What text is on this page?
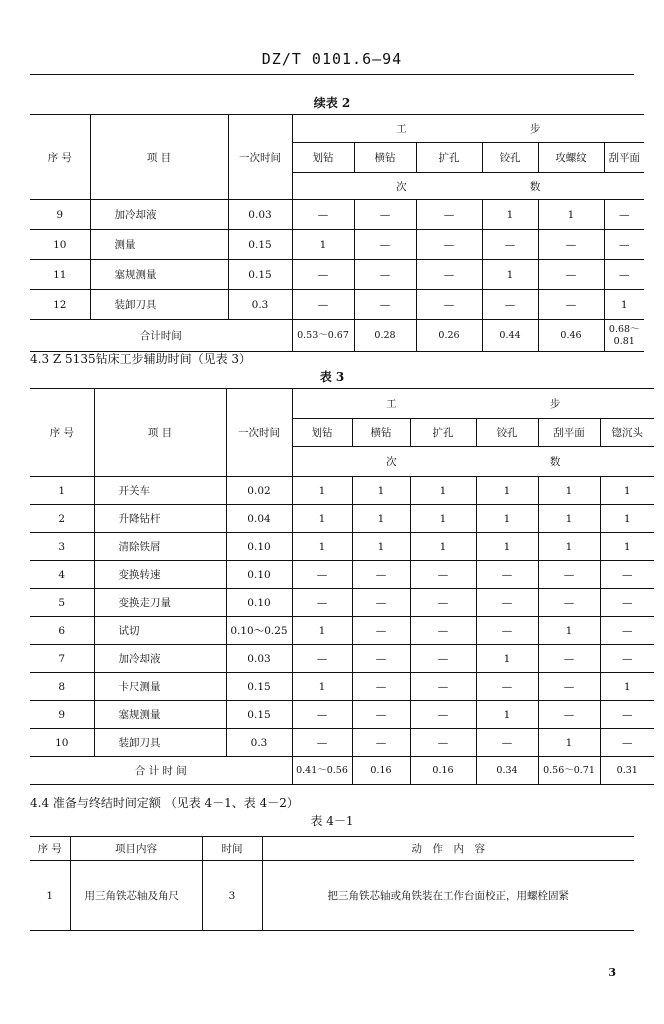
DZ/T 0101.6—94
续表 2
序 号	项 目	一次时间	工 步					
			划钻	横钻	扩孔	铰孔	攻螺纹	刮平面
			次 数					
9	加冷却液	0.03	—	—	—	1	1	—
10	测量	0.15	1	—	—	—	—	—
11	塞规测量	0.15	—	—	—	1	—	—
12	装卸刀具	0.3	—	—	—	—	—	1
合计时间			0.53～0.67	0.28	0.26	0.44	0.46	0.68～0.81
4.3 Z 5135钻床工步辅助时间（见表 3）
表 3
序 号	项 目	一次时间	工 步					
			划钻	横钻	扩孔	铰孔	刮平面	锪沉头
			次 数					
1	开关车	0.02	1	1	1	1	1	1
2	升降钻杆	0.04	1	1	1	1	1	1
3	清除铁屑	0.10	1	1	1	1	1	1
4	变换转速	0.10	—	—	—	—	—	—
5	变换走刀量	0.10	—	—	—	—	—	—
6	试切	0.10～0.25	1	—	—	—	1	—
7	加冷却液	0.03	—	—	—	1	—	—
8	卡尺测量	0.15	1	—	—	—	—	1
9	塞规测量	0.15	—	—	—	1	—	—
10	装卸刀具	0.3	—	—	—	—	1	—
合 计 时 间			0.41～0.56	0.16	0.16	0.34	0.56～0.71	0.31
4.4 准备与终结时间定额 （见表 4－1、表 4－2）
表 4－1
序 号	项目内容	时间	动　作　内　容
1	用三角铁芯轴及角尺	3	把三角铁芯轴或角铁装在工作台面校正，用螺栓固紧
3
